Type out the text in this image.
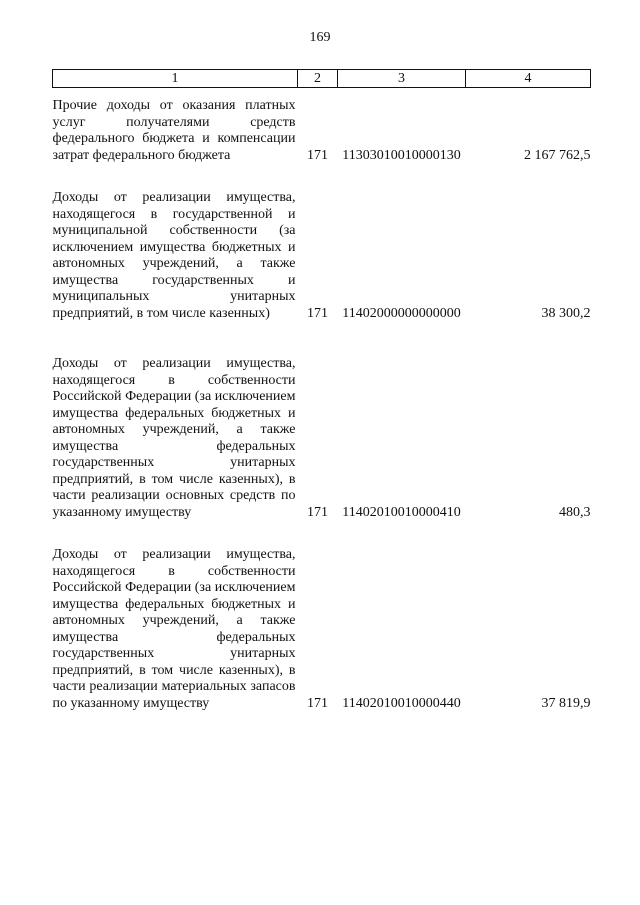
169
1	2	3	4
Прочие доходы от оказания платных услуг получателями средств федерального бюджета и компенсации затрат федерального бюджета	171	11303010010000130	2 167 762,5
Доходы от реализации имущества, находящегося в государственной и муниципальной собственности (за исключением имущества бюджетных и автономных учреждений, а также имущества государственных и муниципальных унитарных предприятий, в том числе казенных)	171	11402000000000000	38 300,2
Доходы от реализации имущества, находящегося в собственности Российской Федерации (за исключением имущества федеральных бюджетных и автономных учреждений, а также имущества федеральных государственных унитарных предприятий, в том числе казенных), в части реализации основных средств по указанному имуществу	171	11402010010000410	480,3
Доходы от реализации имущества, находящегося в собственности Российской Федерации (за исключением имущества федеральных бюджетных и автономных учреждений, а также имущества федеральных государственных унитарных предприятий, в том числе казенных), в части реализации материальных запасов по указанному имуществу	171	11402010010000440	37 819,9
